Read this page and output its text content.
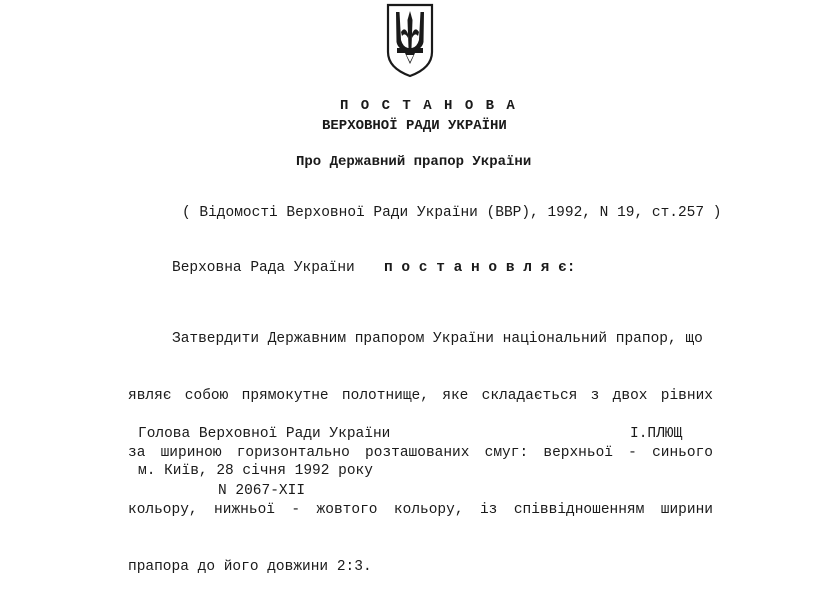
П О С Т А Н О В А
ВЕРХОВНОЇ РАДИ УКРАЇНИ
Про Державний прапор України
( Відомості Верховної Ради України (ВВР), 1992, N 19, ст.257 )
Верховна Рада України п о с т а н о в л я є:

Затвердити Державним прапором України національний прапор, що

являє собою прямокутне полотнище, яке складається з двох рівних

за шириною горизонтально розташованих смуг: верхньої - синього

кольору, нижньої - жовтого кольору, із співвідношенням ширини

прапора до його довжини 2:3.

Голова Верховної Ради України	І.ПЛЮЩ
м. Київ, 28 січня 1992 року
N 2067-XII
